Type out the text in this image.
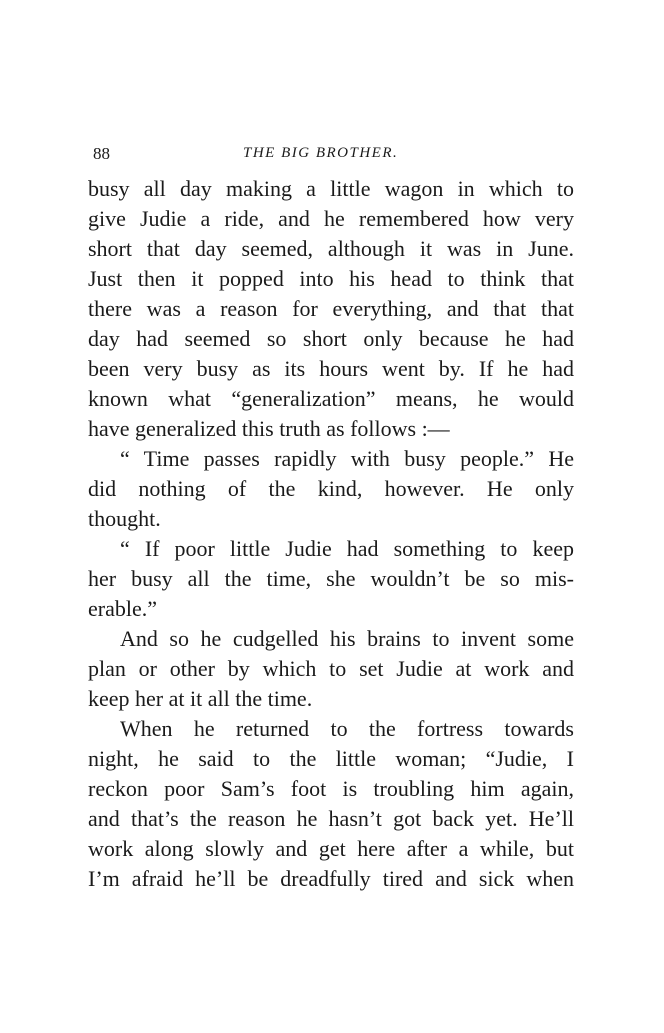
88	THE BIG BROTHER.
busy all day making a little wagon in which to
give Judie a ride, and he remembered how very
short that day seemed, although it was in June.
Just then it popped into his head to think that
there was a reason for everything, and that that
day had seemed so short only because he had
been very busy as its hours went by. If he had
known what “generalization” means, he would
have generalized this truth as follows :—
“ Time passes rapidly with busy people.” He
did nothing of the kind, however. He only
thought.
“ If poor little Judie had something to keep
her busy all the time, she wouldn’t be so mis-
erable.”
And so he cudgelled his brains to invent some
plan or other by which to set Judie at work and
keep her at it all the time.
When he returned to the fortress towards
night, he said to the little woman; “Judie, I
reckon poor Sam’s foot is troubling him again,
and that’s the reason he hasn’t got back yet. He’ll
work along slowly and get here after a while, but
I’m afraid he’ll be dreadfully tired and sick when
